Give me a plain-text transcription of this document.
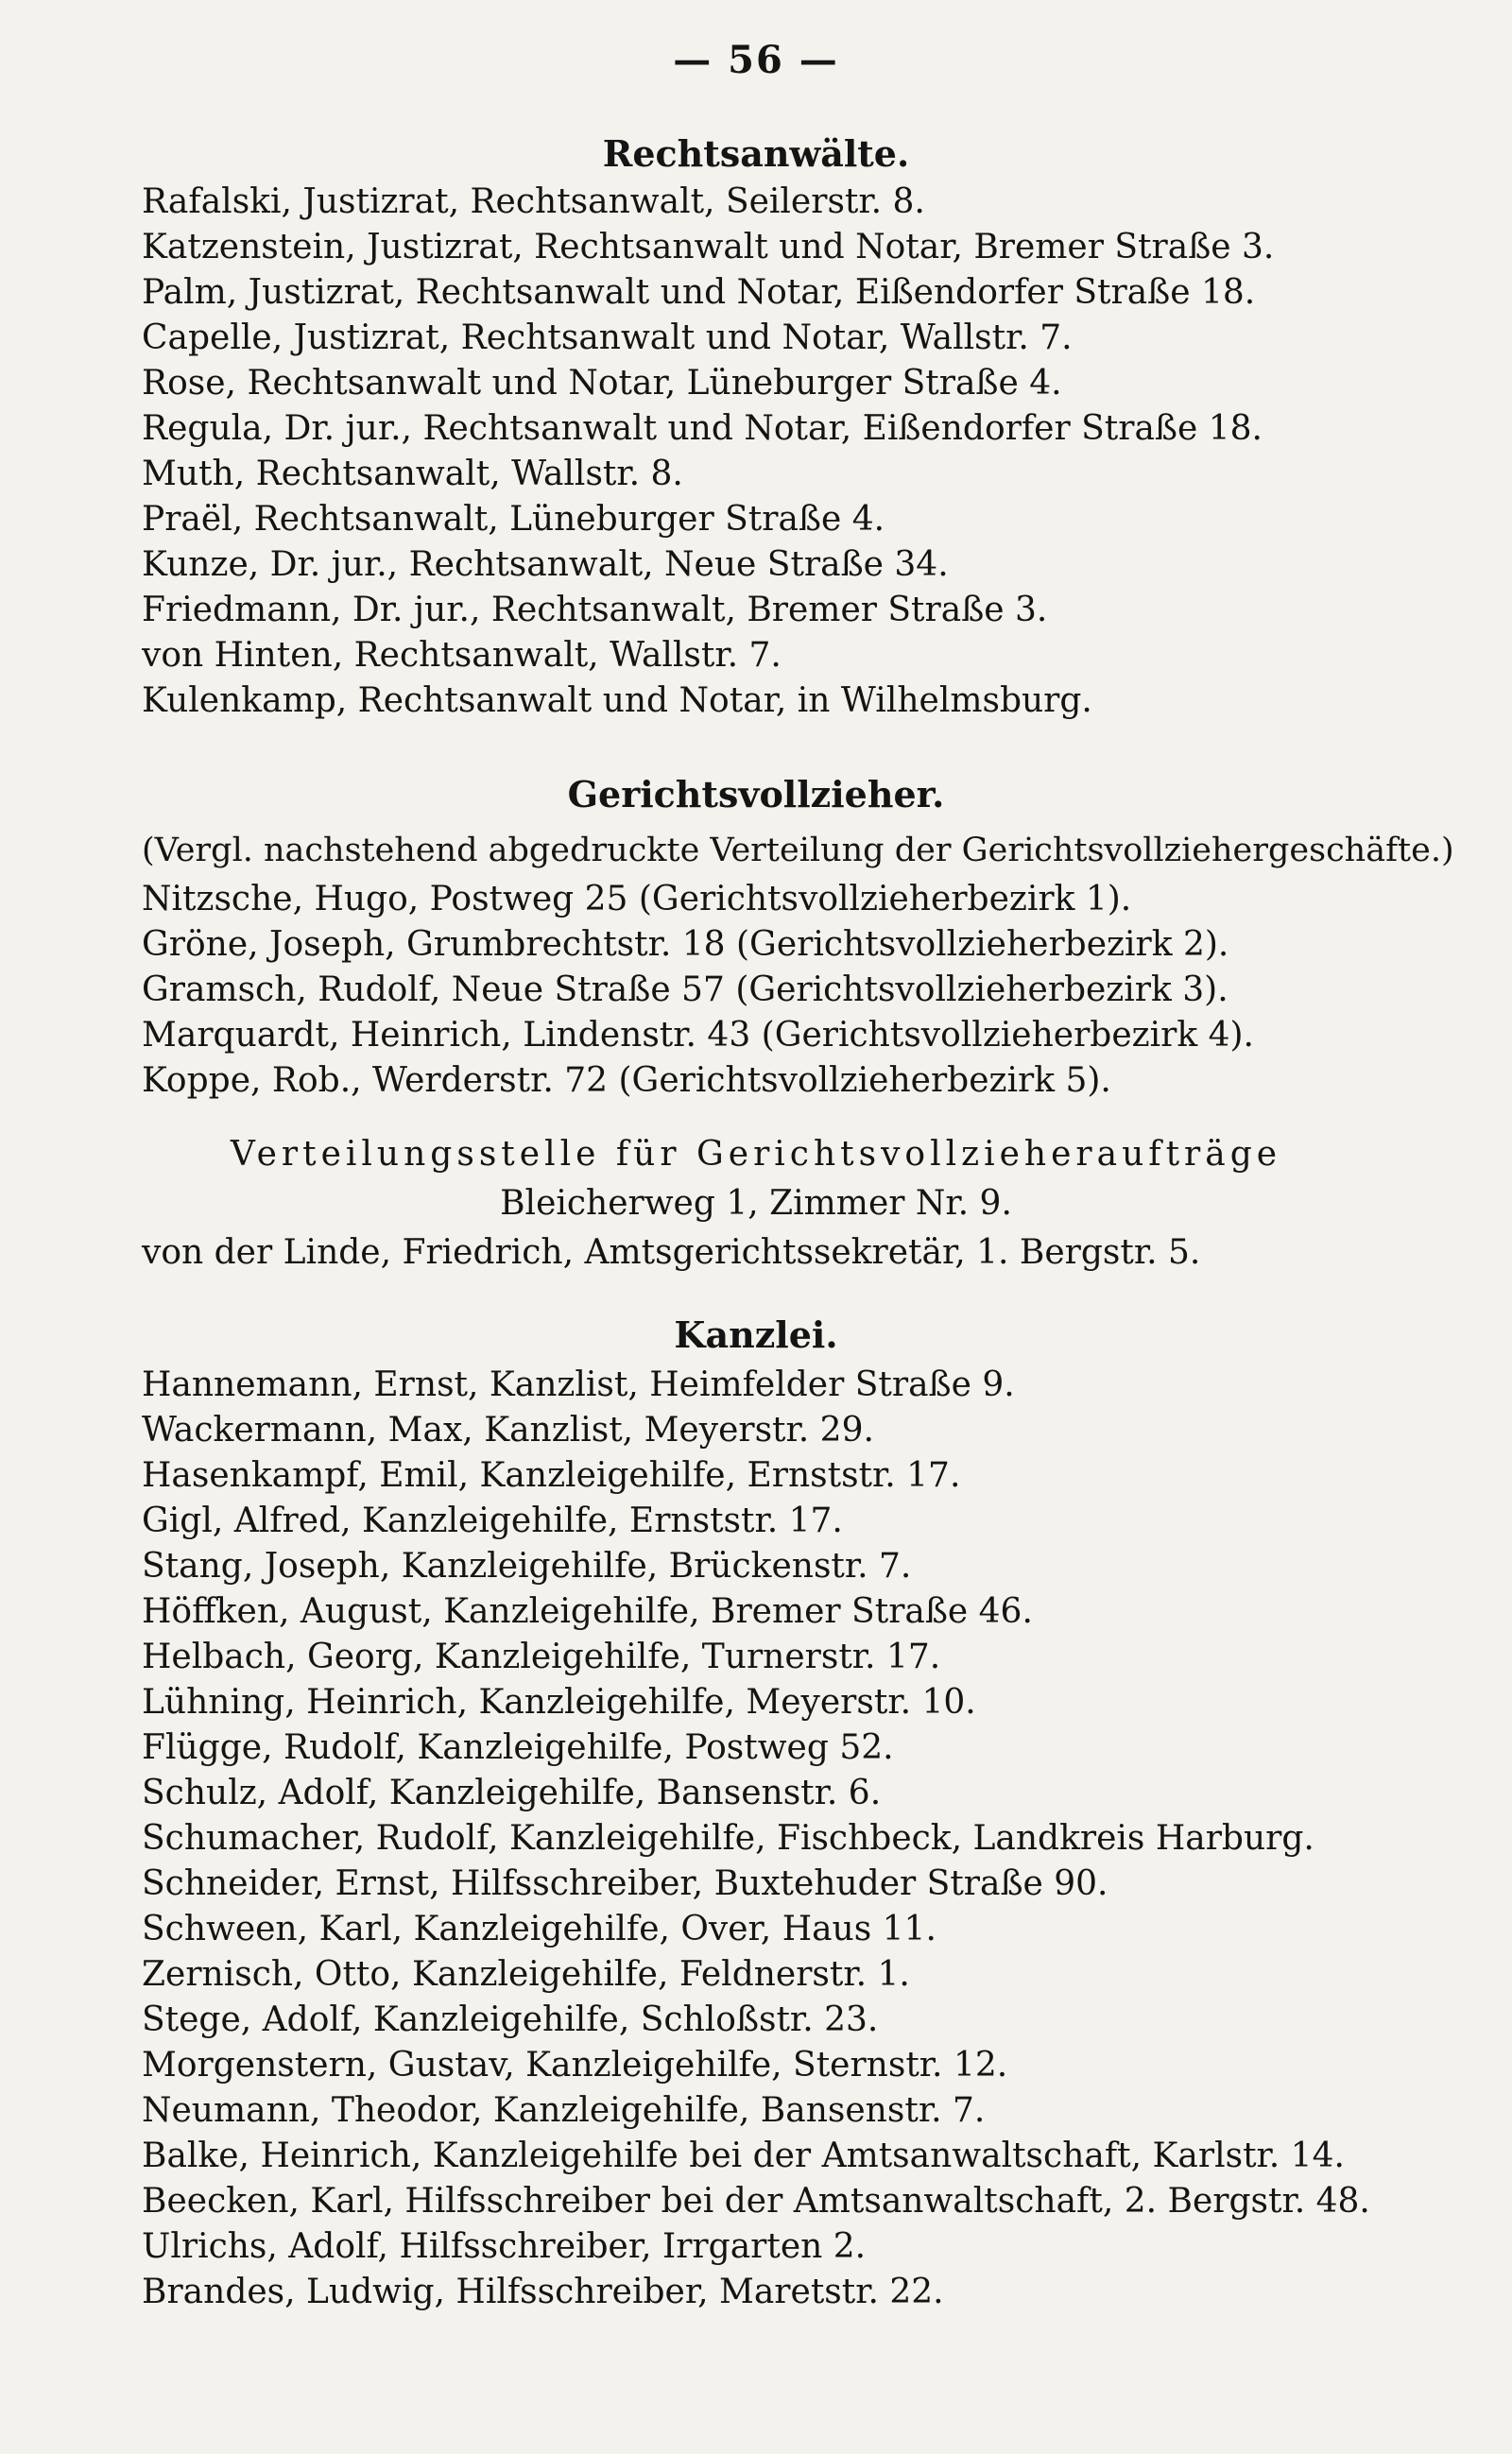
— 56 —
Rechtsanwälte.
Rafalski, Justizrat, Rechtsanwalt, Seilerstr. 8.
Katzenstein, Justizrat, Rechtsanwalt und Notar, Bremer Straße 3.
Palm, Justizrat, Rechtsanwalt und Notar, Eißendorfer Straße 18.
Capelle, Justizrat, Rechtsanwalt und Notar, Wallstr. 7.
Rose, Rechtsanwalt und Notar, Lüneburger Straße 4.
Regula, Dr. jur., Rechtsanwalt und Notar, Eißendorfer Straße 18.
Muth, Rechtsanwalt, Wallstr. 8.
Praël, Rechtsanwalt, Lüneburger Straße 4.
Kunze, Dr. jur., Rechtsanwalt, Neue Straße 34.
Friedmann, Dr. jur., Rechtsanwalt, Bremer Straße 3.
von Hinten, Rechtsanwalt, Wallstr. 7.
Kulenkamp, Rechtsanwalt und Notar, in Wilhelmsburg.
Gerichtsvollzieher.
(Vergl. nachstehend abgedruckte Verteilung der Gerichtsvollziehergeschäfte.)
Nitzsche, Hugo, Postweg 25 (Gerichtsvollzieherbezirk 1).
Gröne, Joseph, Grumbrechtstr. 18 (Gerichtsvollzieherbezirk 2).
Gramsch, Rudolf, Neue Straße 57 (Gerichtsvollzieherbezirk 3).
Marquardt, Heinrich, Lindenstr. 43 (Gerichtsvollzieherbezirk 4).
Koppe, Rob., Werderstr. 72 (Gerichtsvollzieherbezirk 5).
Verteilungsstelle für Gerichtsvollzieheraufträge
Bleicherweg 1, Zimmer Nr. 9.
von der Linde, Friedrich, Amtsgerichtssekretär, 1. Bergstr. 5.
Kanzlei.
Hannemann, Ernst, Kanzlist, Heimfelder Straße 9.
Wackermann, Max, Kanzlist, Meyerstr. 29.
Hasenkampf, Emil, Kanzleigehilfe, Ernststr. 17.
Gigl, Alfred, Kanzleigehilfe, Ernststr. 17.
Stang, Joseph, Kanzleigehilfe, Brückenstr. 7.
Höffken, August, Kanzleigehilfe, Bremer Straße 46.
Helbach, Georg, Kanzleigehilfe, Turnerstr. 17.
Lühning, Heinrich, Kanzleigehilfe, Meyerstr. 10.
Flügge, Rudolf, Kanzleigehilfe, Postweg 52.
Schulz, Adolf, Kanzleigehilfe, Bansenstr. 6.
Schumacher, Rudolf, Kanzleigehilfe, Fischbeck, Landkreis Harburg.
Schneider, Ernst, Hilfsschreiber, Buxtehuder Straße 90.
Schween, Karl, Kanzleigehilfe, Over, Haus 11.
Zernisch, Otto, Kanzleigehilfe, Feldnerstr. 1.
Stege, Adolf, Kanzleigehilfe, Schloßstr. 23.
Morgenstern, Gustav, Kanzleigehilfe, Sternstr. 12.
Neumann, Theodor, Kanzleigehilfe, Bansenstr. 7.
Balke, Heinrich, Kanzleigehilfe bei der Amtsanwaltschaft, Karlstr. 14.
Beecken, Karl, Hilfsschreiber bei der Amtsanwaltschaft, 2. Bergstr. 48.
Ulrichs, Adolf, Hilfsschreiber, Irrgarten 2.
Brandes, Ludwig, Hilfsschreiber, Maretstr. 22.
